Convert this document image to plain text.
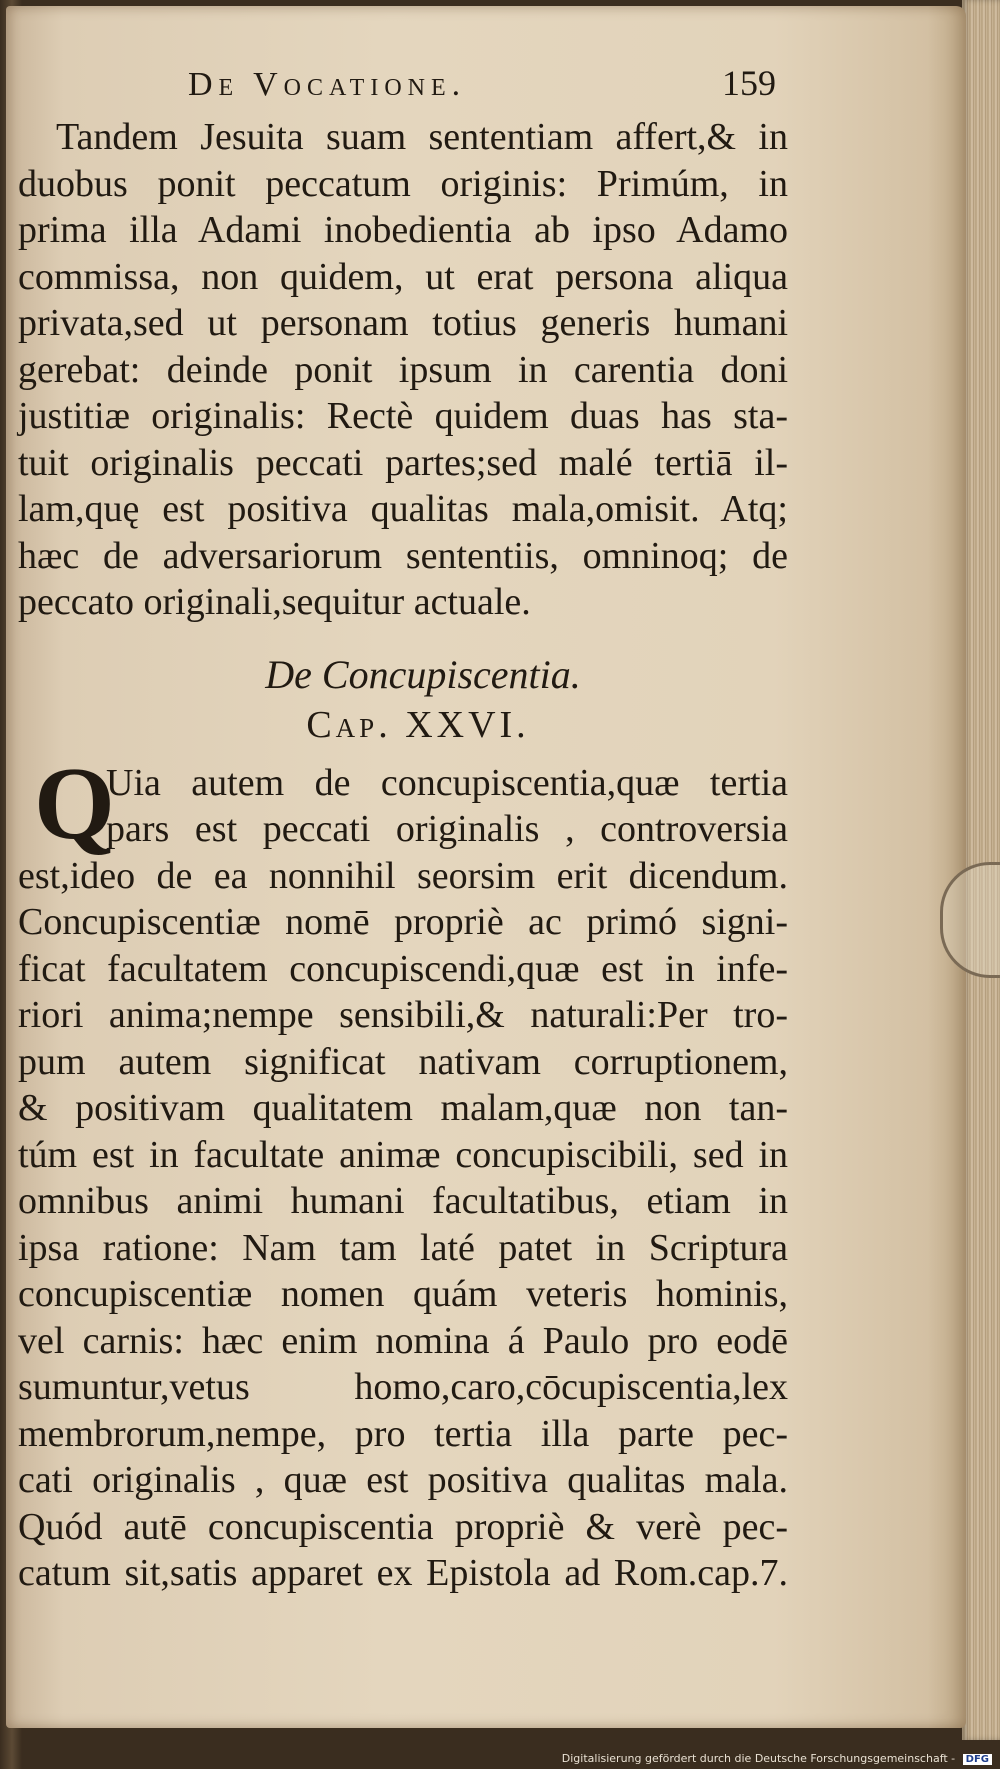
De Vocatione.	159
Tandem Jesuita suam sententiam affert,& in
duobus ponit peccatum originis: Primúm, in
prima illa Adami inobedientia ab ipso Adamo
commissa, non quidem, ut erat persona aliqua
privata,sed ut personam totius generis humani
gerebat: deinde ponit ipsum in carentia doni
justitiæ originalis: Rectè quidem duas has sta-
tuit originalis peccati partes;sed malé tertiā il-
lam,quę est positiva qualitas mala,omisit. Atq;
hæc de adversariorum sententiis, omninoq; de
peccato originali,sequitur actuale.
De Concupiscentia.
Cap. XXVI.
Q
Uia autem de concupiscentia,quæ tertia
pars est peccati originalis , controversia
est,ideo de ea nonnihil seorsim erit dicendum.
Concupiscentiæ nomē propriè ac primó signi-
ficat facultatem concupiscendi,quæ est in infe-
riori anima;nempe sensibili,& naturali:Per tro-
pum autem significat nativam corruptionem,
& positivam qualitatem malam,quæ non tan-
túm est in facultate animæ concupiscibili, sed in
omnibus animi humani facultatibus, etiam in
ipsa ratione: Nam tam laté patet in Scriptura
concupiscentiæ nomen quám veteris hominis,
vel carnis: hæc enim nomina á Paulo pro eodē
sumuntur,vetus homo,caro,cōcupiscentia,lex
membrorum,nempe, pro tertia illa parte pec-
cati originalis , quæ est positiva qualitas mala.
Quód autē concupiscentia propriè & verè pec-
catum sit,satis apparet ex Epistola ad Rom.cap.7.
Digitalisierung gefördert durch die Deutsche Forschungsgemeinschaft - DFG
